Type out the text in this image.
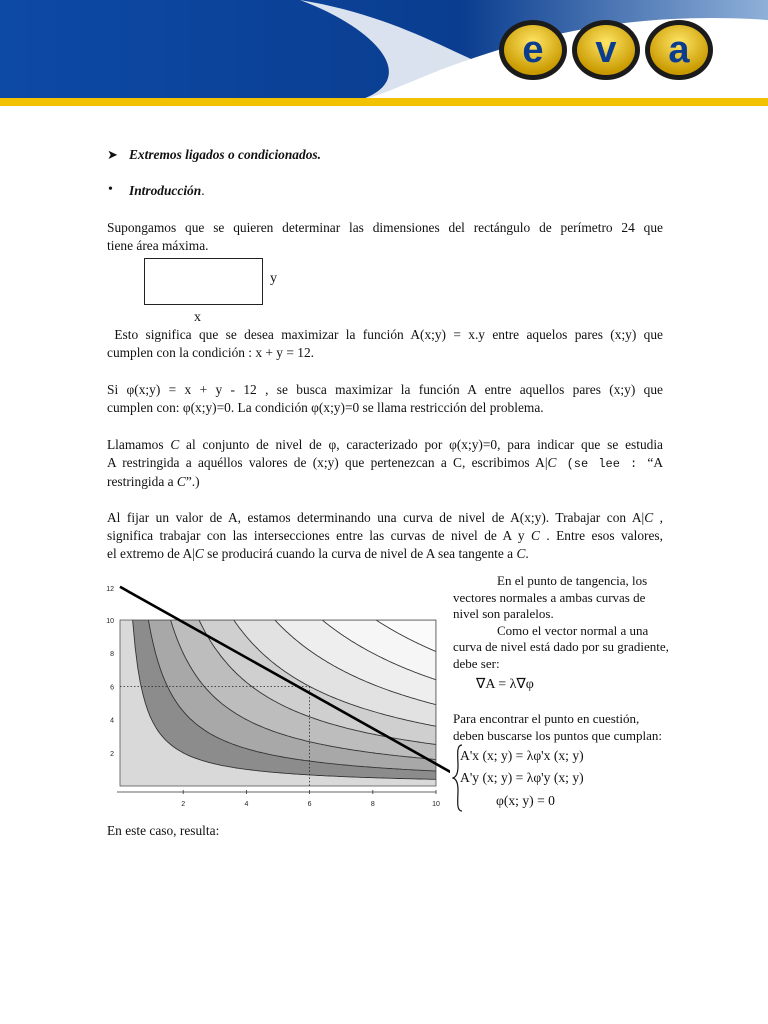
e v a
➤ Extremos ligados o condicionados.
• Introducción.
Supongamos que se quieren determinar las dimensiones del rectángulo de perímetro 24 que
tiene área máxima.
y
x
Esto significa que se desea maximizar la función A(x;y) = x.y entre aquelos pares (x;y) que
cumplen con la condición : x + y = 12.
Si φ(x;y) = x + y - 12 , se busca maximizar la función A entre aquellos pares (x;y) que
cumplen con: φ(x;y)=0. La condición φ(x;y)=0 se llama restricción del problema.
Llamamos C al conjunto de nivel de φ, caracterizado por φ(x;y)=0, para indicar que se estudia
A restringida a aquéllos valores de (x;y) que pertenezcan a C, escribimos A|C (se lee : “A
restringida a C”.)
Al fijar un valor de A, estamos determinando una curva de nivel de A(x;y). Trabajar con A|C ,
significa trabajar con las intersecciones entre las curvas de nivel de A y C . Entre esos valores,
el extremo de A|C se producirá cuando la curva de nivel de A sea tangente a C.
2	4	6	8	10
2
4
6
8
10
12
En el punto de tangencia, los
vectores normales a ambas curvas de
nivel son paralelos.
Como el vector normal a una
curva de nivel está dado por su gradiente,
debe ser:
∇A = λ∇φ
Para encontrar el punto en cuestión,
deben buscarse los puntos que cumplan:
A'x (x; y) = λφ'x (x; y)
A'y (x; y) = λφ'y (x; y)
φ(x; y) = 0
En este caso, resulta:
